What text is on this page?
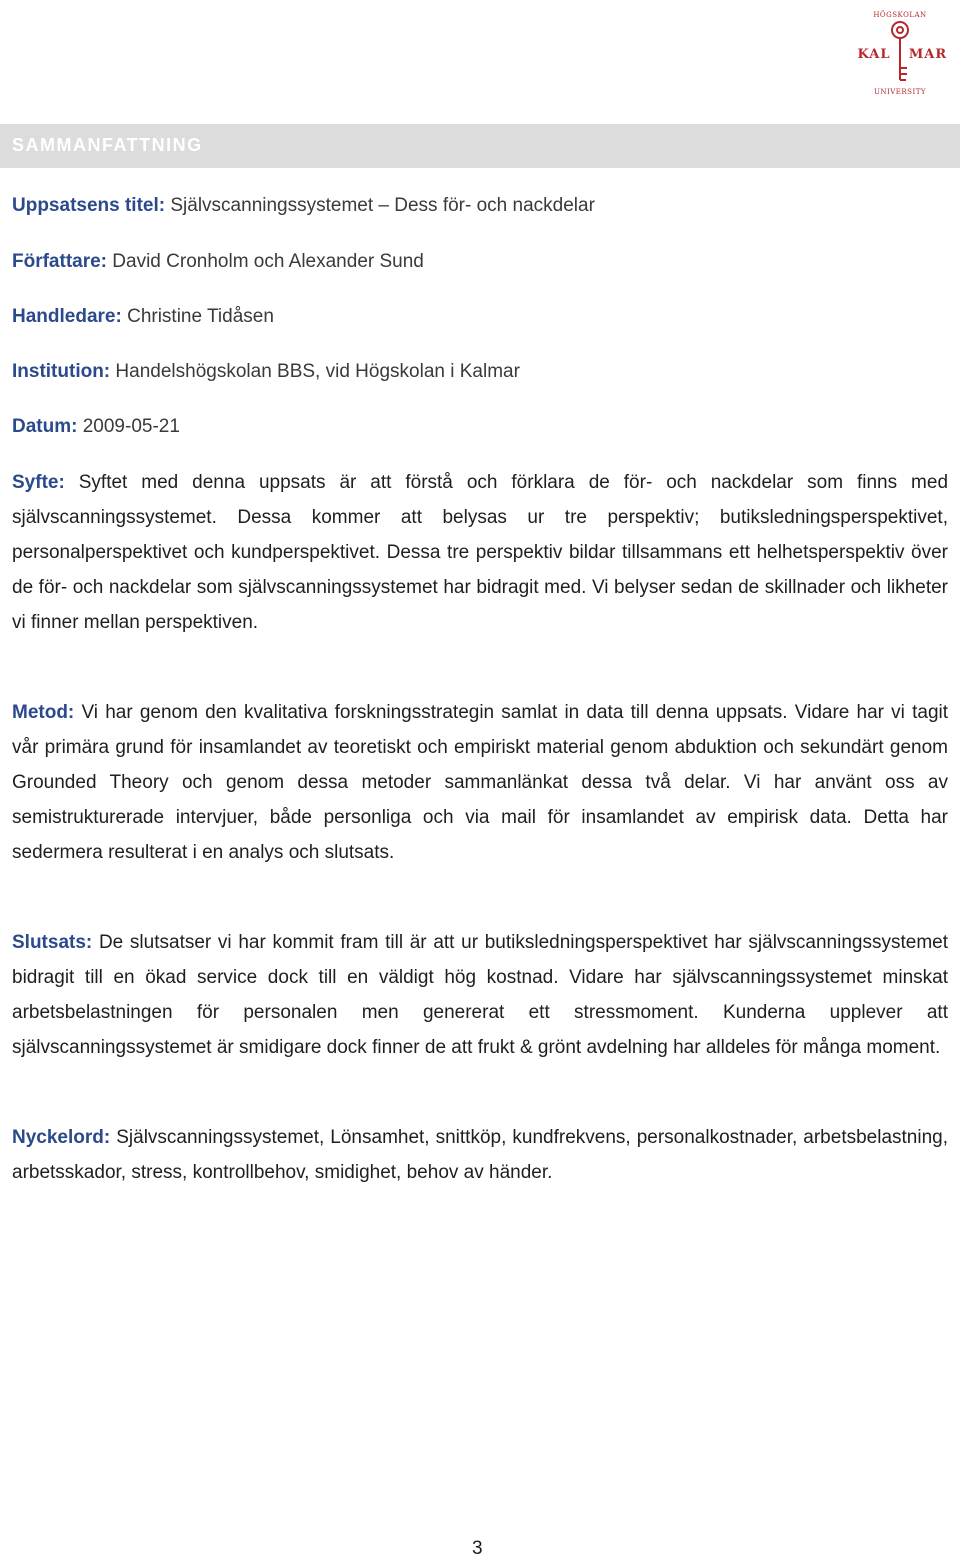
HÖGSKOLAN
KAL MAR
UNIVERSITY
SAMMANFATTNING
Uppsatsens titel: Självscanningssystemet – Dess för- och nackdelar
Författare: David Cronholm och Alexander Sund
Handledare: Christine Tidåsen
Institution: Handelshögskolan BBS, vid Högskolan i Kalmar
Datum: 2009-05-21
Syfte: Syftet med denna uppsats är att förstå och förklara de för- och nackdelar som finns med självscanningssystemet. Dessa kommer att belysas ur tre perspektiv; butiksledningsperspektivet, personalperspektivet och kundperspektivet. Dessa tre perspektiv bildar tillsammans ett helhetsperspektiv över de för- och nackdelar som självscanningssystemet har bidragit med. Vi belyser sedan de skillnader och likheter vi finner mellan perspektiven.
Metod: Vi har genom den kvalitativa forskningsstrategin samlat in data till denna uppsats. Vidare har vi tagit vår primära grund för insamlandet av teoretiskt och empiriskt material genom abduktion och sekundärt genom Grounded Theory och genom dessa metoder sammanlänkat dessa två delar. Vi har använt oss av semistrukturerade intervjuer, både personliga och via mail för insamlandet av empirisk data. Detta har sedermera resulterat i en analys och slutsats.
Slutsats: De slutsatser vi har kommit fram till är att ur butiksledningsperspektivet har självscanningssystemet bidragit till en ökad service dock till en väldigt hög kostnad. Vidare har självscanningssystemet minskat arbetsbelastningen för personalen men genererat ett stressmoment. Kunderna upplever att självscanningssystemet är smidigare dock finner de att frukt & grönt avdelning har alldeles för många moment.
Nyckelord: Självscanningssystemet, Lönsamhet, snittköp, kundfrekvens, personalkostnader, arbetsbelastning, arbetsskador, stress, kontrollbehov, smidighet, behov av händer.
3
